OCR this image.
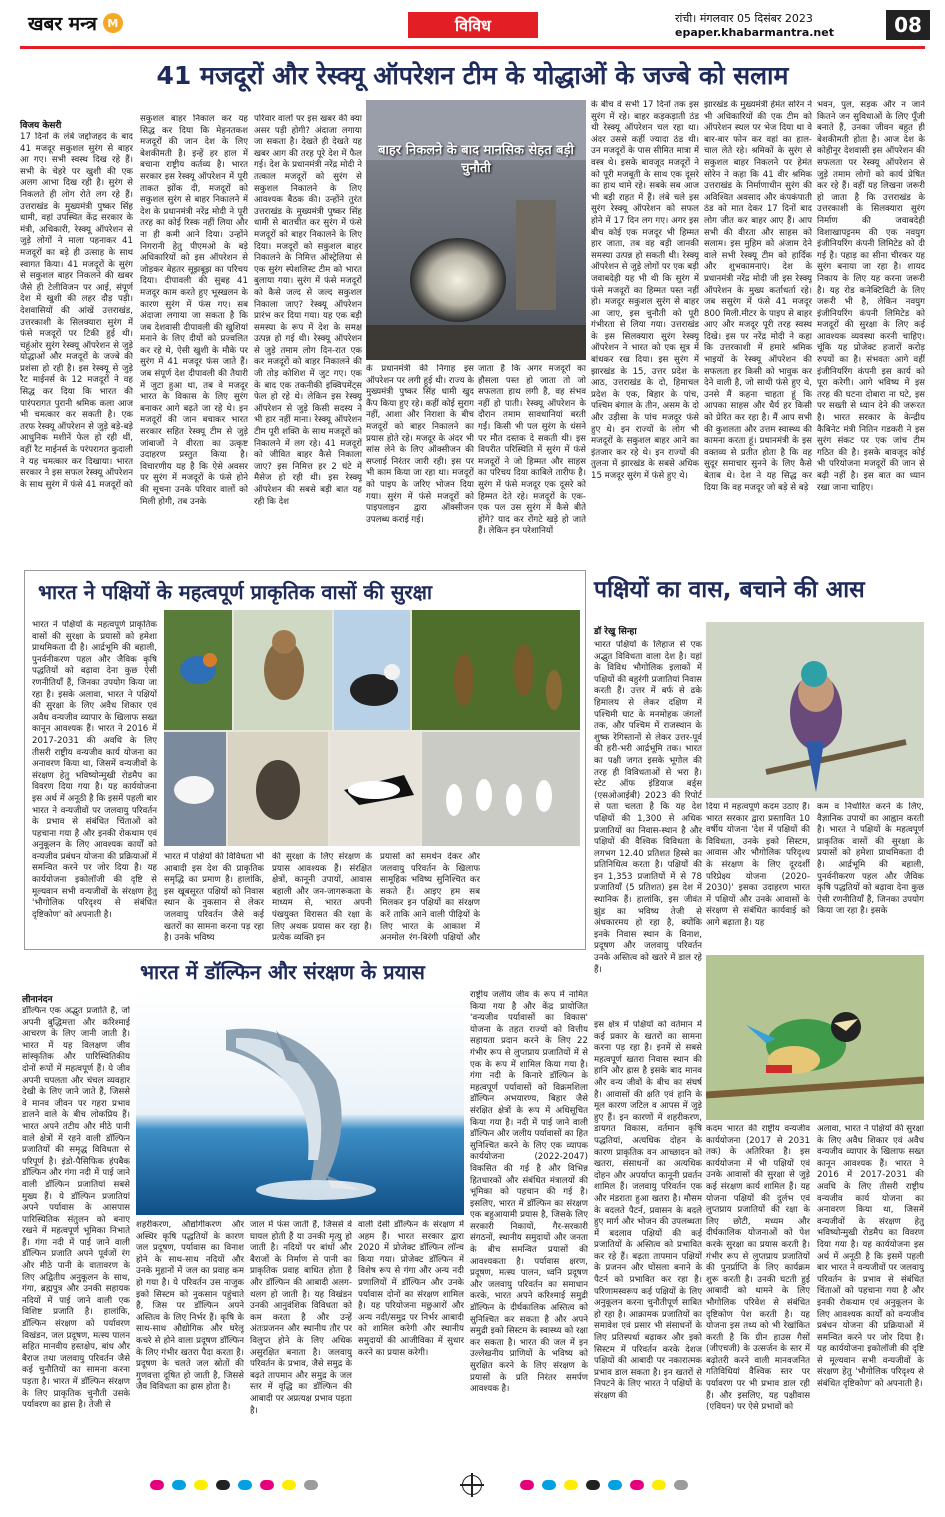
खबर मन्त्र M	विविध	रांची। मंगलवार 05 दिसंबर 2023
epaper.khabarmantra.net	08
41 मजदूरों और रेस्क्यू ऑपरेशन टीम के योद्धाओं के जज्बे को सलाम
विजय केसरी
17 दिनों के लंबे जद्दोजहद के बाद 41 मजदूर सकुशल सुरंग से बाहर आ गए। सभी स्वस्थ दिख रहे हैं। सभी के चेहरे पर खुशी की एक अलग आभा दिख रही है। सुरंग से निकलते ही लोग रोते लग रहे हैं। उत्तराखंड के मुख्यमंत्री पुष्कर सिंह धामी, वहां उपस्थित केंद्र सरकार के मंत्री, अधिकारी, रेस्क्यू ऑपरेशन से जुड़े लोगों ने माला पहनाकर 41 मजदूरों का बड़े ही उत्साह के साथ स्वागत किया। 41 मजदूरों के सुरंग से सकुशल बाहर निकलने की खबर जैसे ही टेलीविजन पर आई, संपूर्ण देश में खुशी की लहर दौड़ पड़ी। देशवासियों की आंखें उत्तराखंड, उत्तरकाशी के सिलक्यारा सुरंग में फंसे मजदूरों पर टिकी हुई थी। चहुंओर सुरंग रेस्क्यू ऑपरेशन से जुड़े योद्धाओं और मजदूरों के जज्बे की प्रशंसा हो रही है। इस रेस्क्यू से जुड़े रैट माईनर्स के 12 मजदूरों ने वह सिद्ध कर दिया कि भारत की पारंपरागत पुरानी श्रमिक कला आज भी चमत्कार कर सकती है। एक तरफ रेस्क्यू ऑपरेशन से जुड़े बड़े-बड़े आधुनिक मशीनें फेल हो रही थीं, वहीं रैट माईनर्स के परंपरागत कुदाली ने यह चमत्कार कर दिखाया। भारत सरकार ने इस सफल रेस्क्यू ऑपरेशन के साथ सुरंग में फंसे 41 मजदूरों को
सकुशल बाहर निकाल कर यह सिद्ध कर दिया कि मेहनतकश मजदूरों की जान देश के लिए बेशकीमती है। इन्हें हर हाल में बचाना राष्ट्रीय कर्तव्य है। भारत सरकार इस रेस्क्यू ऑपरेशन में पूरी ताकत झोंक दी, मजदूरों को सकुशल सुरंग से बाहर निकालने में देश के प्रधानमंत्री नरेंद्र मोदी ने पूरी तरह का कोई रिस्क नहीं लिया और ना ही कमी आने दिया। उन्होंने निगरानी हेतु पीएमओ के बड़े अधिकारियों को इस ऑपरेशन से जोड़कर बेहतर सूझबूझ का परिचय दिया। दीपावली की सुबह 41 मजदूर काम करते हुए भूस्खलन के कारण सुरंग में फंस गए। सब अंदाजा लगाया जा सकता है कि जब देशवासी दीपावली की खुशियां मनाने के लिए दीयों को प्रज्वलित कर रहे थे, ऐसी खुशी के मौके पर सुरंग में 41 मजदूर फंस जाते हैं। जब संपूर्ण देश दीपावली की तैयारी में जुटा हुआ था, तब वे मजदूर भारत के विकास के लिए सुरंग बनाकर आगे बढ़ते जा रहे थे। इन मजदूरों की जान बचाकर भारत सरकार सहित रेस्क्यू टीम से जुड़े जांबाजों ने वीरता का उत्कृष्ट उदाहरण प्रस्तुत किया है। विचारणीय यह है कि ऐसे अवसर पर सुरंग में मजदूरों के फंसे होने की सूचना उनके परिवार वालों को मिली होगी, तब उनके
परिवार वालों पर इस खबर की क्या असर पड़ी होगी? अंदाजा लगाया जा सकता है। देखते ही देखते यह खबर आग की तरह पूरे देश में फैल गई। देश के प्रधानमंत्री नरेंद्र मोदी ने तत्काल मजदूरों को सुरंग से सकुशल निकालने के लिए आवश्यक बैठक की। उन्होंने तुरंत उत्तराखंड के मुख्यमंत्री पुष्कर सिंह धामी से बातचीत कर सुरंग में फंसे मजदूरों को बाहर निकालने के लिए दिया। मजदूरों को सकुशल बाहर निकालने के निमित्त ऑस्ट्रेलिया से एक सुरंग स्पेशलिस्ट टीम को भारत बुलाया गया। सुरंग में फंसे मजदूरों को कैसे जल्द से जल्द सकुशल निकाला जाए? रेस्क्यू ऑपरेशन प्रारंभ कर दिया गया। यह एक बड़ी समस्या के रूप में देश के समक्ष उत्पन्न हो गई थी। रेस्क्यू ऑपरेशन से जुड़े तमाम लोग दिन-रात एक कर मजदूरों को बाहर निकालने की जी तोड़ कोशिश में जुट गए। एक के बाद एक तकनीकी इक्विपमेंट्स फेल हो रहे थे। लेकिन इस रेस्क्यू ऑपरेशन से जुड़े किसी सदस्य ने भी हार नहीं माना। रेस्क्यू ऑपरेशन टीम पूरी शक्ति के साथ मजदूरों को निकालने में लग रहे। 41 मजदूरों को जीवित बाहर कैसे निकाला जाए? इस निमित्त हर 2 घंटे में मैसेज हो रही थी। इस रेस्क्यू ऑपरेशन की सबसे बड़ी बात यह रही कि देश
बाहर निकलने के बाद मानसिक सेहत बड़ी चुनौती
के प्रधानमंत्री की निगाह इस ऑपरेशन पर लगी हुई थी। राज्य के मुख्यमंत्री पुष्कर सिंह धामी खुद कैंप किया हुए रहे। कहीं कोई सुराग नहीं, आशा और निराशा के बीच मजदूरों को बाहर निकालने का प्रयास होते रहे। मजदूर के अंदर भी सांस लेने के लिए ऑक्सीजन की सप्लाई निरंतर जारी रही। इस पर भी काम किया जा रहा था। मजदूरों को पाइप के जरिए भोजन दिया गया। सुरंग में फंसे मजदूरों को पाइपलाइन द्वारा ऑक्सीजन उपलब्ध कराई गई।
जाता है कि अगर मजदूरों का हौसला पस्त हो जाता तो जो सफलता हाथ लगी है, वह संभव नहीं हो पाती। रेस्क्यू ऑपरेशन के दौरान तमाम सावधानियां बरती गईं। किसी भी पल सुरंग के धंसने पर मौत दस्तक दे सकती थी। इस विपरीत परिस्थिति में सुरंग में फंसे मजदूरों ने जो हिम्मत और साहस का परिचय दिया काबिले तारीफ है। सुरंग में फंसे मजदूर एक दूसरे को हिम्मत देते रहे। मजदूरों के एक-एक पल उस सुरंग में कैसे बीते होंगे? याद कर रोंगटे खड़े हो जाते हैं। लेकिन इन परेशानियों
के बीच वे सभी 17 दिनों तक इस सुरंग में रहे। बाहर कड़कड़ाती ठंड थी रेस्क्यू ऑपरेशन चल रहा था। अंदर उससे कहीं ज्यादा ठंड थी। उन मजदूरों के पास सीमित मात्रा में वस्त्र थे। इसके बावजूद मजदूरों ने को पूरी मजबूती के साथ एक दूसरे का हाथ थामे रहे। सबके सब आज भी बड़ी राहत में हैं। लंबे चले इस सुरंग रेस्क्यू ऑपरेशन को सफल होने में 17 दिन लग गए। अगर इस बीच कोई एक मजदूर भी हिम्मत हार जाता, तब वह बड़ी जानकी समस्या उत्पन्न हो सकती थी। रेस्क्यू ऑपरेशन से जुड़े लोगों पर एक बड़ी जवाबदेही यह भी थी कि सुरंग में फंसे मजदूरों का हिम्मत पस्त नहीं हो। मजदूर सकुशल सुरंग से बाहर आ जाए, इस चुनौती को पूरी गंभीरता से लिया गया। उत्तराखंड के इस सिलक्यारा सुरंग रेस्क्यू ऑपरेशन ने भारत को एक सूत्र में बांधकर रख दिया। इस सुरंग में झारखंड के 15, उत्तर प्रदेश के आठ, उत्तराखंड के दो, हिमाचल प्रदेश के एक, बिहार के पांच, पश्चिम बंगाल के तीन, असम के दो और उड़ीसा के पांच मजदूर फंसे हुए थे। इन राज्यों के लोग भी मजदूरों के सकुशल बाहर आने का इंतजार कर रहे थे। इन राज्यों की तुलना में झारखंड के सबसे अधिक 15 मजदूर सुरंग में फंसे हुए थे।
झारखंड के मुख्यमंत्री हेमंत सोरेन ने भी अधिकारियों की एक टीम को ऑपरेशन स्थल पर भेज दिया था वे बार-बार फोन कर वहां का हाल-चाल लेते रहे। श्रमिकों के सुरंग से सकुशल बाहर निकलने पर हेमंत सोरेन ने कहा कि 41 वीर श्रमिक उत्तराखंड के निर्माणाधीन सुरंग की अविश्वित अवसाद और कंपकंपाती ठंड को मात देकर 17 दिनों बाद लोग जीत कर बाहर आए हैं। आप सभी की वीरता और साहस को सलाम। इस मुहिम को अंजाम देने वाले सभी रेस्क्यू टीम को हार्दिक और शुभकामनाएं। देश के प्रधानमंत्री नरेंद्र मोदी जी इस रेस्क्यू ऑपरेशन के मुख्य कर्ताधर्ता रहे। जब ससुरंग में फंसे 41 मजदूर 800 मिली.मीटर के पाइप से बाहर आए और मजदूर पूरी तरह स्वस्थ दिखे। इस पर नरेंद्र मोदी ने कहा कि उत्तरकाशी में हमारे श्रमिक भाइयों के रेस्क्यू ऑपरेशन की सफलता हर किसी को भावुक कर देने वाली है, जो साथी फंसे हुए थे, उनसे मैं कहना चाहता हूं कि आपका साहस और धैर्य हर किसी को प्रेरित कर रहा है। मैं आप सभी की कुशलता और उत्तम स्वास्थ्य की कामना करता हूं। प्रधानमंत्री के इस वक्तव्य से प्रतीत होता है कि वह सुदूर समाचार सुनने के लिए कैसे बेताब थे। देश ने यह सिद्ध कर दिया कि वह मजदूर जो बड़े से बड़े
भवन, पुल, सड़क और न जाने कितने जन सुविधाओं के लिए पूँजी बनाते हैं, उनका जीवन बहुत ही बेशकीमती होता है। आज देश के कोहीनूर देशवासी इस ऑपरेशन की सफलता पर रेस्क्यू ऑपरेशन से जुड़े तमाम लोगों को कार्य प्रेषित कर रहे हैं। वहीं यह लिखना जरूरी हो जाता है कि उत्तराखंड के उत्तरकाशी के सिलक्यारा सुरंग निर्माण की जवाबदेही विशाखापट्टनम की एक नवयुग इंजीनियरिंग कंपनी लिमिटेड को दी गई है। पहाड़ का सीना चीरकर यह सुरंग बनाया जा रहा है। शायद निकाय के लिए यह करना जरूरी है। यह रोड कनेक्टिविटी के लिए जरूरी भी है, लेकिन नवयुग इंजीनियरिंग कंपनी लिमिटेड को मजदूरों की सुरक्षा के लिए कई आवश्यक व्यवस्था करनी चाहिए। चूंकि यह प्रोजेक्ट हजारों करोड़ रुपयों का है। संभवतः आगे वहीं इंजीनियरिंग कंपनी इस कार्य को पूरा करेगी। आगे भविष्य में इस तरह की घटना दोबारा ना घटे, इस पर सख्ती से ध्यान देने की जरूरत है। भारत सरकार के केन्द्रीय कैबिनेट मंत्री नितिन गडकरी ने इस सुरंग संकट पर एक जांच टीम गठित की है। इसके बावजूद कोई भी परियोजना मजदूरों की जान से बढ़ी नहीं है। इस बात का ध्यान रखा जाना चाहिए।
भारत ने पक्षियों के महत्वपूर्ण प्राकृतिक वासों की सुरक्षा
भारत ने पक्षियों के महत्वपूर्ण प्राकृतिक वासों की सुरक्षा के प्रयासों को हमेशा प्राथमिकता दी है। आर्द्रभूमि की बहाली, पुनर्वनीकरण पहल और जैविक कृषि पद्धतियों को बढ़ावा देना कुछ ऐसी रणनीतियाँ हैं, जिनका उपयोग किया जा रहा है। इसके अलावा, भारत ने पक्षियों की सुरक्षा के लिए अवैध शिकार एवं अवैध वन्यजीव व्यापार के खिलाफ सख्त कानून आवश्यक हैं। भारत ने 2016 में 2017-2031 की अवधि के लिए तीसरी राष्ट्रीय वन्यजीव कार्य योजना का अनावरण किया था, जिसमें वन्यजीवों के संरक्षण हेतु भविष्योन्मुखी रोडमैप का विवरण दिया गया है। यह कार्ययोजना इस अर्थ में अनूठी है कि इसमें पहली बार भारत ने वन्यजीवों पर जलवायु परिवर्तन के प्रभाव से संबंधित चिंताओं को पहचाना गया है और इनकी रोकथाम एवं अनुकूलन के लिए आवश्यक कार्यों को वन्यजीव प्रबंधन योजना की प्रक्रियाओं में समन्वित करने पर जोर दिया है। यह कार्ययोजना इकोलॉजी की दृष्टि से मूल्यवान सभी वन्यजीवों के संरक्षण हेतु 'भौगोलिक परिदृश्य से संबंधित दृष्टिकोण' को अपनाती है।
भारत में पक्षियों की विविधता भी आबादी इस देश की प्राकृतिक समृद्धि का प्रमाण है। हालांकि, इस खूबसूरत पक्षियों को निवास स्थान के नुकसान से लेकर जलवायु परिवर्तन जैसे कई खतरों का सामना करना पड़ रहा है। उनके भविष्य
की सुरक्षा के लिए संरक्षण के प्रयास आवश्यक हैं। संरक्षित क्षेत्रों, कानूनी उपायों, आवास बहाली और जन-जागरूकता के माध्यम से, भारत अपनी पंखयुक्त विरासत की रक्षा के लिए अथक प्रयास कर रहा है। प्रत्येक व्यक्ति इन
प्रयासों को समर्थन देकर और जलवायु परिवर्तन के खिलाफ सामूहिक भविष्य सुनिश्चित कर सकते हैं। आइए हम सब मिलकर इन पक्षियों का संरक्षण करें ताकि आने वाली पीढ़ियों के लिए भारत के आकाश में अनमोल रंग-बिरंगी पक्षियों और
पक्षियों का वास, बचाने की आस
डॉ रेखु सिन्हा
भारत पक्षियों के लिहाज से एक अद्भुत विविधता वाला देश है। यहां के विविध भौगोलिक इलाकों में पक्षियों की बहुरंगी प्रजातियां निवास करती हैं। उत्तर में बर्फ से ढके हिमालय से लेकर दक्षिण में पश्चिमी घाट के मनमोहक जंगलों तक, और पश्चिम में राजस्थान के शुष्क रेगिस्तानों से लेकर उत्तर-पूर्व की हरी-भरी आर्द्रभूमि तक। भारत का पक्षी जगत इसके भूगोल की तरह ही विविधताओं से भरा है। स्टेट ऑफ इंडियाज बर्ड्स (एसओआईबी) 2023 की रिपोर्ट से पता चलता है कि यह देश पक्षियों की 1,300 से अधिक प्रजातियों का निवास-स्थान है और पक्षियों की वैश्विक विविधता के लगभग 12.40 प्रतिशत हिस्से का प्रतिनिधित्व करता है। पक्षियों की इन 1,353 प्रजातियों में से 78 प्रजातियाँ (5 प्रतिशत) इस देश में स्थानिक हैं। हालांकि, इस जीवंत झुंड का भविष्य तेजी से अंधकारमय हो रहा है, क्योंकि इनके निवास स्थान के विनाश, प्रदूषण और जलवायु परिवर्तन उनके अस्तित्व को खतरे में डाल रहे हैं।
दिया में महत्वपूर्ण कदम उठाए हैं। भारत सरकार द्वारा प्रस्तावित 10 वर्षीय योजना 'देश में पक्षियों की विविधता, उनके इको सिस्टम, आवास और भौगोलिक परिदृश्य के संरक्षण के लिए दूरदर्शी परिप्रेक्ष्य योजना (2020-2030)' इसका उदाहरण भारत में पक्षियों और उनके आवासों के संरक्षण से संबंधित कार्यवाई को आगे बढ़ाता है। यह
कम व निर्धारित करने के लिए, वैज्ञानिक उपायों का आह्वान करती है। भारत ने पक्षियों के महत्वपूर्ण प्राकृतिक वासों की सुरक्षा के प्रयासों को हमेशा प्राथमिकता दी है। आर्द्रभूमि की बहाली, पुनर्वनीकरण पहल और जैविक कृषि पद्धतियों को बढ़ावा देना कुछ ऐसी रणनीतियाँ हैं, जिनका उपयोग किया जा रहा है। इसके
इस क्षेत्र में पक्षियों को वर्तमान में कई प्रकार के खतरों का सामना करना पड़ रहा है। इनमें से सबसे महत्वपूर्ण खतरा निवास स्थान की हानि और ह्रास है इसके बाद मानव और वन्य जीवों के बीच का संघर्ष है। आवासों की क्षति एवं हानि के मूल कारण जटिल व आपस में जुड़े हुए हैं। इन कारणों में शहरीकरण, डायगत विकास, वर्तमान कृषि पद्धतियां, अत्यधिक दोहन के कारण प्राकृतिक वन आच्छादन को खतरा, संसाधनों का अत्यधिक दोहन और अपर्याप्त कानूनी प्रवर्तन शामिल हैं। जलवायु परिवर्तन एक और मंडराता हुआ खतरा है। मौसम के बदलते पैटर्न, प्रवासन के बदले हुए मार्ग और भोजन की उपलब्धता में बदलाव पक्षियों की कई प्रजातियों के अस्तित्व को प्रभावित कर रहे हैं। बढ़ता तापमान पक्षियों के प्रजनन और घोंसला बनाने के पैटर्न को प्रभावित कर रहा है। परिणामस्वरूप कई पक्षियों के लिए अनुकूलन करना चुनौतीपूर्ण साबित हो रहा है। आक्रामक प्रजातियों का समावेश एवं प्रसार भी संसाधनों के लिए प्रतिस्पर्धा बढ़ाकर और इको सिस्टम में परिवर्तन करके देशज पक्षियों की आबादी पर नकारात्मक प्रभाव डाल सकता है। इन खतरों से निपटने के लिए भारत ने पक्षियों के संरक्षण की
कदम भारत की राष्ट्रीय वन्यजीव कार्ययोजना (2017 से 2031 तक) के अतिरिक्त है। इस कार्ययोजना में भी पक्षियों एवं उनके आवासों की सुरक्षा से जुड़े कई संरक्षण कार्य शामिल हैं। यह योजना पक्षियों की दुर्लभ एवं लुप्तप्राय प्रजातियों की रक्षा के लिए छोटी, मध्यम और दीर्घकालिक योजनाओं को पेश करके सुरक्षा का प्रयास करती है। गंभीर रूप से लुप्तप्राय प्रजातियों की पुनर्प्राप्ति के लिए कार्यक्रम शुरू करती है। उनकी घटती हुई आबादी को थामने के लिए भौगोलिक परिवेश से संबंधित दृष्टिकोण पेश करती है। यह योजना इस तथ्य को भी रेखांकित करती है कि ग्रीन हाउस गैसों (जीएचजी) के उत्सर्जन के स्तर में बढ़ोतरी करने वाली मानवजनित गतिविधियां वैश्विक स्तर पर पर्यावरण पर भी प्रभाव डाल रही हैं। और इसलिए, यह पक्षीवास (एवियन) पर ऐसे प्रभावों को
अलावा, भारत ने पक्षियों की सुरक्षा के लिए अवैध शिकार एवं अवैध वन्यजीव व्यापार के खिलाफ सख्त कानून आवश्यक हैं। भारत ने 2016 में 2017-2031 की अवधि के लिए तीसरी राष्ट्रीय वन्यजीव कार्य योजना का अनावरण किया था, जिसमें वन्यजीवों के संरक्षण हेतु भविष्योन्मुखी रोडमैप का विवरण दिया गया है। यह कार्ययोजना इस अर्थ में अनूठी है कि इसमें पहली बार भारत ने वन्यजीवों पर जलवायु परिवर्तन के प्रभाव से संबंधित चिंताओं को पहचाना गया है और इनकी रोकथाम एवं अनुकूलन के लिए आवश्यक कार्यों को वन्यजीव प्रबंधन योजना की प्रक्रियाओं में समन्वित करने पर जोर दिया है। यह कार्ययोजना इकोलॉजी की दृष्टि से मूल्यवान सभी वन्यजीवों के संरक्षण हेतु 'भौगोलिक परिदृश्य से संबंधित दृष्टिकोण' को अपनाती है।
भारत में डॉल्फिन और संरक्षण के प्रयास
लीनानंदन
डॉल्फिन एक अद्भुत प्रजाति है, जो अपनी बुद्धिमत्ता और करिश्माई आचरण के लिए जानी जाती है। भारत में यह विलक्षण जीव सांस्कृतिक और पारिस्थितिकीय दोनों रूपों में महत्वपूर्ण हैं। ये जीव अपनी चपलता और चंचल व्यवहार देखी के लिए जाने जाते हैं, जिससे वे मानव जीवन पर गहरा प्रभाव डालने वाले के बीच लोकप्रिय हैं। भारत अपने तटीय और मीठे पानी वाले क्षेत्रों में रहने वाली डॉल्फिन प्रजातियों की समृद्ध विविधता से परिपूर्ण है। इंडो-पैसिफिक हंपबैक डॉल्फिन और गंगा नदी में पाई जाने वाली डॉल्फिन प्रजातियां सबसे मुख्य हैं। ये डॉल्फिन प्रजातियां अपने पर्यावास के आसपास पारिस्थितिक संतुलन को बनाए रखने में महत्वपूर्ण भूमिका निभाते हैं। गंगा नदी में पाई जाने वाली डॉल्फिन प्रजाति अपने पूर्वजों रंग और मीठे पानी के वातावरण के लिए अद्वितीय अनुकूलन के साथ, गंगा, ब्रह्मपुत्र और उनकी सहायक नदियों में पाई जाने वाली एक विशिष्ट प्रजाति है। हालांकि, डॉल्फिन संरक्षण को पर्यावरण विखंडन, जल प्रदूषण, मत्स्य पालन सहित मानवीय हस्तक्षेप, बांध और बैराज तथा जलवायु परिवर्तन जैसे कई चुनौतियों का सामना करना पड़ता है। भारत में डॉल्फिन संरक्षण के लिए प्राकृतिक चुनौती उसके पर्यावरण का ह्रास है। तेजी से
शहरीकरण, औद्योगीकरण और अस्थिर कृषि पद्धतियों के कारण जल प्रदूषण, पर्यावास का विनाश होने के साथ-साथ नदियों और उनके मुहानों में जल का प्रवाह कम हो गया है। ये परिवर्तन उस नाजुक इको सिस्टम को नुकसान पहुंचाते हैं, जिस पर डॉल्फिन अपने अस्तित्व के लिए निर्भर हैं। कृषि के साथ-साथ औद्योगिक और घरेलू कचरे से होने वाला प्रदूषण डॉल्फिन के लिए गंभीर खतरा पैदा करता है। प्रदूषण के चलते जल स्रोतों की गुणवत्ता दूषित हो जाती है, जिससे जैव विविधता का ह्रास होता है।
जाल में फंस जाती हैं, जिससे वे घायल होती हैं या उनकी मृत्यु हो जाती है। नदियों पर बांधों और बैराजों के निर्माण से पानी का प्राकृतिक प्रवाह बाधित होता है और डॉल्फिन की आबादी अलग-थलग हो जाती है। यह विखंडन उनकी आनुवंशिक विविधता को कम करता है और उन्हें अंतःप्रजनन और स्थानीय तौर पर विलुप्त होने के लिए अधिक असुरक्षित बनाता है। जलवायु परिवर्तन के प्रभाव, जैसे समुद्र के बढ़ते तापमान और समुद्र के जल स्तर में वृद्धि का डॉल्फिन की आबादी पर अप्रत्यक्ष प्रभाव पड़ता है।
वाली देसी डॉल्फिन के संरक्षण में अहम हैं। भारत सरकार द्वारा 2020 में प्रोजेक्ट डॉल्फिन लॉन्च किया गया। प्रोजेक्ट डॉल्फिन में विशेष रूप से गंगा और अन्य नदी प्रणालियों में डॉल्फिन और उनके पर्यावास दोनों का संरक्षण शामिल है। यह परियोजना मछुआरों और अन्य नदी/समुद्र पर निर्भर आबादी को शामिल करेगी और स्थानीय समुदायों की आजीविका में सुधार करने का प्रयास करेगी।
राष्ट्रीय जलीय जीव के रूप में नामित किया गया है और केंद्र प्रायोजित 'वन्यजीव पर्यावासों का विकास' योजना के तहत राज्यों को वित्तीय सहायता प्रदान करने के लिए 22 गंभीर रूप से लुप्तप्राय प्रजातियों में से एक के रूप में शामिल किया गया है। गंगा नदी के किनारे डॉल्फिन के महत्वपूर्ण पर्यावासों को विक्रमशिला डॉल्फिन अभयारण्य, बिहार जैसे संरक्षित क्षेत्रों के रूप में अधिसूचित किया गया है। नदी में पाई जाने वाली डॉल्फिन और जलीय पर्यावासों का हित सुनिश्चित करने के लिए एक व्यापक कार्ययोजना (2022-2047) विकसित की गई है और विभिन्न हितधारकों और संबंधित मंत्रालयों की भूमिका को पहचान की गई है। इसलिए, भारत में डॉल्फिन का संरक्षण एक बहुआयामी प्रयास है, जिसके लिए सरकारी निकायों, गैर-सरकारी संगठनों, स्थानीय समुदायों और जनता के बीच समन्वित प्रयासों की आवश्यकता है। पर्यावास क्षरण, प्रदूषण, मत्स्य पालन, ध्वनि प्रदूषण और जलवायु परिवर्तन का समाधान करके, भारत अपने करिश्माई समुद्री डॉल्फिन के दीर्घकालिक अस्तित्व को सुनिश्चित कर सकता है और अपने समुद्री इको सिस्टम के स्वास्थ्य को रक्षा कर सकता है। भारत की जल में इन उल्लेखनीय प्राणियों के भविष्य को सुरक्षित करने के लिए संरक्षण के प्रयासों के प्रति निरंतर समर्पण आवश्यक है।
